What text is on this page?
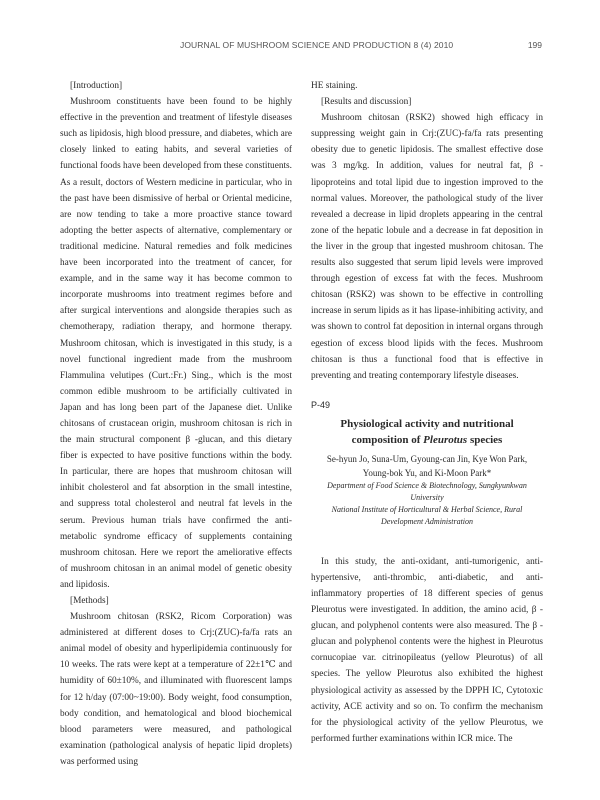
JOURNAL OF MUSHROOM SCIENCE AND PRODUCTION 8 (4) 2010	199
[Introduction]

Mushroom constituents have been found to be highly effective in the prevention and treatment of lifestyle diseases such as lipidosis, high blood pressure, and diabetes, which are closely linked to eating habits, and several varieties of functional foods have been developed from these constituents. As a result, doctors of Western medicine in particular, who in the past have been dismissive of herbal or Oriental medicine, are now tending to take a more proactive stance toward adopting the better aspects of alternative, complementary or traditional medicine. Natural remedies and folk medicines have been incorporated into the treatment of cancer, for example, and in the same way it has become common to incorporate mushrooms into treatment regimes before and after surgical interventions and alongside therapies such as chemotherapy, radiation therapy, and hormone therapy. Mushroom chitosan, which is investigated in this study, is a novel functional ingredient made from the mushroom Flammulina velutipes (Curt.:Fr.) Sing., which is the most common edible mushroom to be artificially cultivated in Japan and has long been part of the Japanese diet. Unlike chitosans of crustacean origin, mushroom chitosan is rich in the main structural component β -glucan, and this dietary fiber is expected to have positive functions within the body. In particular, there are hopes that mushroom chitosan will inhibit cholesterol and fat absorption in the small intestine, and suppress total cholesterol and neutral fat levels in the serum. Previous human trials have confirmed the anti-metabolic syndrome efficacy of supplements containing mushroom chitosan. Here we report the ameliorative effects of mushroom chitosan in an animal model of genetic obesity and lipidosis.

[Methods]

Mushroom chitosan (RSK2, Ricom Corporation) was administered at different doses to Crj:(ZUC)-fa/fa rats an animal model of obesity and hyperlipidemia continuously for 10 weeks. The rats were kept at a temperature of 22±1℃ and humidity of 60±10%, and illuminated with fluorescent lamps for 12 h/day (07:00~19:00). Body weight, food consumption, body condition, and hematological and blood biochemical blood parameters were measured, and pathological examination (pathological analysis of hepatic lipid droplets) was performed using

HE staining.

[Results and discussion]

Mushroom chitosan (RSK2) showed high efficacy in suppressing weight gain in Crj:(ZUC)-fa/fa rats presenting obesity due to genetic lipidosis. The smallest effective dose was 3 mg/kg. In addition, values for neutral fat, β -lipoproteins and total lipid due to ingestion improved to the normal values. Moreover, the pathological study of the liver revealed a decrease in lipid droplets appearing in the central zone of the hepatic lobule and a decrease in fat deposition in the liver in the group that ingested mushroom chitosan. The results also suggested that serum lipid levels were improved through egestion of excess fat with the feces. Mushroom chitosan (RSK2) was shown to be effective in controlling increase in serum lipids as it has lipase-inhibiting activity, and was shown to control fat deposition in internal organs through egestion of excess blood lipids with the feces. Mushroom chitosan is thus a functional food that is effective in preventing and treating contemporary lifestyle diseases.

P-49
Physiological activity and nutritional
composition of Pleurotus species
Se-hyun Jo, Suna-Um, Gyoung-can Jin, Kye Won Park,
Young-bok Yu, and Ki-Moon Park*
Department of Food Science & Biotechnology, Sungkyunkwan
University
National Institute of Horticultural & Herbal Science, Rural
Development Administration

In this study, the anti-oxidant, anti-tumorigenic, anti-hypertensive, anti-thrombic, anti-diabetic, and anti-inflammatory properties of 18 different species of genus Pleurotus were investigated. In addition, the amino acid, β -glucan, and polyphenol contents were also measured. The β -glucan and polyphenol contents were the highest in Pleurotus cornucopiae var. citrinopileatus (yellow Pleurotus) of all species. The yellow Pleurotus also exhibited the highest physiological activity as assessed by the DPPH IC, Cytotoxic activity, ACE activity and so on. To confirm the mechanism for the physiological activity of the yellow Pleurotus, we performed further examinations within ICR mice. The
